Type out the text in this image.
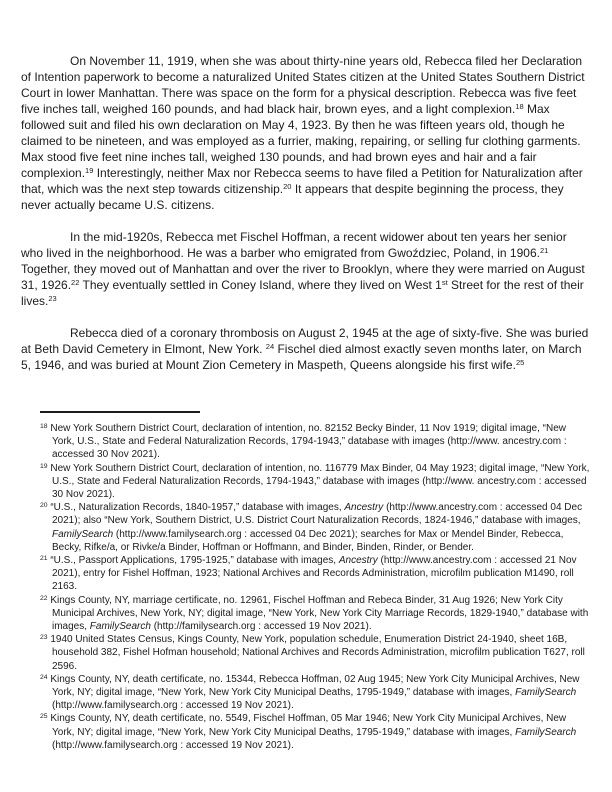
On November 11, 1919, when she was about thirty-nine years old, Rebecca filed her Declaration of Intention paperwork to become a naturalized United States citizen at the United States Southern District Court in lower Manhattan. There was space on the form for a physical description. Rebecca was five feet five inches tall, weighed 160 pounds, and had black hair, brown eyes, and a light complexion.$^{18}$ Max followed suit and filed his own declaration on May 4, 1923. By then he was fifteen years old, though he claimed to be nineteen, and was employed as a furrier, making, repairing, or selling fur clothing garments. Max stood five feet nine inches tall, weighed 130 pounds, and had brown eyes and hair and a fair complexion.$^{19}$ Interestingly, neither Max nor Rebecca seems to have filed a Petition for Naturalization after that, which was the next step towards citizenship.$^{20}$ It appears that despite beginning the process, they never actually became U.S. citizens.

In the mid-1920s, Rebecca met Fischel Hoffman, a recent widower about ten years her senior who lived in the neighborhood. He was a barber who emigrated from Gwoździec, Poland, in 1906.21 Together, they moved out of Manhattan and over the river to Brooklyn, where they were married on August 31, 1926.22 They eventually settled in Coney Island, where they lived on West 1st Street for the rest of their lives.$^{23}$

Rebecca died of a coronary thrombosis on August 2, 1945 at the age of sixty-five. She was buried at Beth David Cemetery in Elmont, New York. $^{24}$ Fischel died almost exactly seven months later, on March 5, 1946, and was buried at Mount Zion Cemetery in Maspeth, Queens alongside his first wife.$^{25}$

$^{18}$ New York Southern District Court, declaration of intention, no. 82152 Becky Binder, 11 Nov 1919; digital image, “New York, U.S., State and Federal Naturalization Records, 1794-1943,” database with images (http://www. ancestry.com : accessed 30 Nov 2021).
$^{19}$ New York Southern District Court, declaration of intention, no. 116779 Max Binder, 04 May 1923; digital image, “New York, U.S., State and Federal Naturalization Records, 1794-1943,” database with images (http://www. ancestry.com : accessed 30 Nov 2021).
$^{20}$ “U.S., Naturalization Records, 1840-1957,” database with images, Ancestry (http://www.ancestry.com : accessed 04 Dec 2021); also “New York, Southern District, U.S. District Court Naturalization Records, 1824-1946,” database with images, FamilySearch (http://www.familysearch.org : accessed 04 Dec 2021); searches for Max or Mendel Binder, Rebecca, Becky, Rifke/a, or Rivke/a Binder, Hoffman or Hoffmann, and Binder, Binden, Rinder, or Bender.
$^{21}$ “U.S., Passport Applications, 1795-1925,” database with images, Ancestry (http://www.ancestry.com : accessed 21 Nov 2021), entry for Fishel Hoffman, 1923; National Archives and Records Administration, microfilm publication M1490, roll 2163.
$^{22}$ Kings County, NY, marriage certificate, no. 12961, Fischel Hoffman and Rebeca Binder, 31 Aug 1926; New York City Municipal Archives, New York, NY; digital image, “New York, New York City Marriage Records, 1829-1940,” database with images, FamilySearch (http://familysearch.org : accessed 19 Nov 2021).
$^{23}$ 1940 United States Census, Kings County, New York, population schedule, Enumeration District 24-1940, sheet 16B, household 382, Fishel Hofman household; National Archives and Records Administration, microfilm publication T627, roll 2596.
$^{24}$ Kings County, NY, death certificate, no. 15344, Rebecca Hoffman, 02 Aug 1945; New York City Municipal Archives, New York, NY; digital image, “New York, New York City Municipal Deaths, 1795-1949,” database with images, FamilySearch (http://www.familysearch.org : accessed 19 Nov 2021).
$^{25}$ Kings County, NY, death certificate, no. 5549, Fischel Hoffman, 05 Mar 1946; New York City Municipal Archives, New York, NY; digital image, “New York, New York City Municipal Deaths, 1795-1949,” database with images, FamilySearch (http://www.familysearch.org : accessed 19 Nov 2021).
